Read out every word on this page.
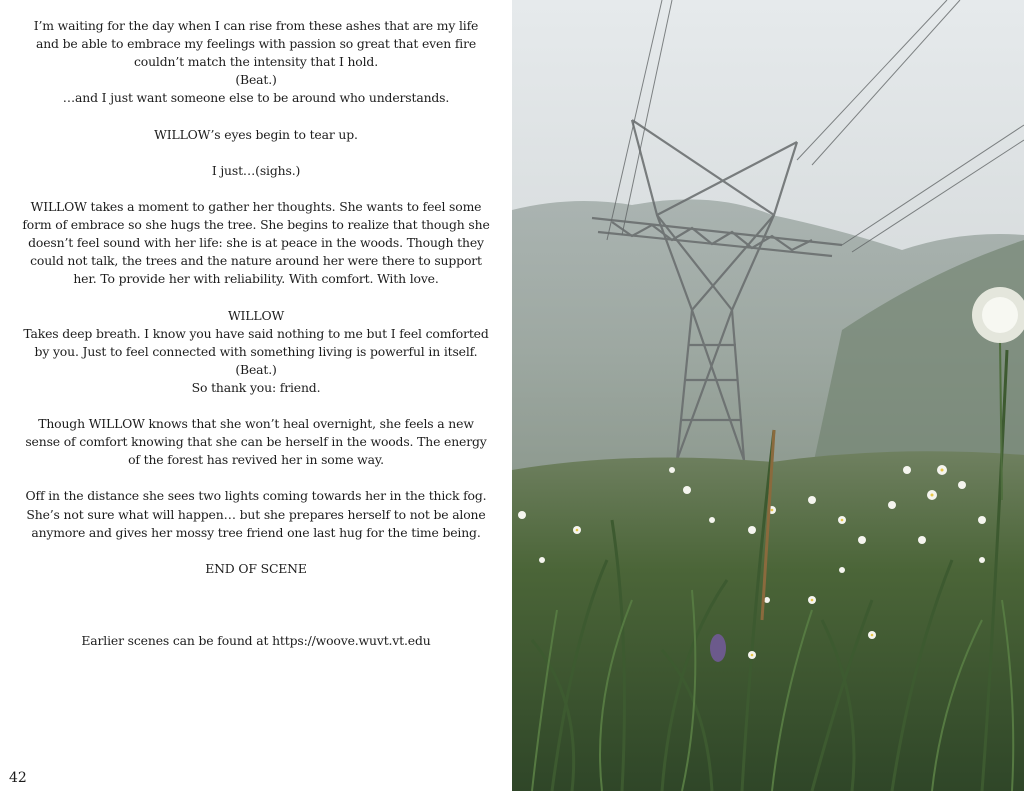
I’m waiting for the day when I can rise from these ashes that are my life

and be able to embrace my feelings with passion so great that even fire

couldn’t match the intensity that I hold.

(Beat.)

…and I just want someone else to be around who understands.

WILLOW’s eyes begin to tear up.

I just…(sighs.)

WILLOW takes a moment to gather her thoughts. She wants to feel some

form of embrace so she hugs the tree. She begins to realize that though she

doesn’t feel sound with her life: she is at peace in the woods. Though they

could not talk, the trees and the nature around her were there to support

her. To provide her with reliability. With comfort. With love.

WILLOW

Takes deep breath. I know you have said nothing to me but I feel comforted

by you. Just to feel connected with something living is powerful in itself.

(Beat.)

So thank you: friend.

Though WILLOW knows that she won’t heal overnight, she feels a new

sense of comfort knowing that she can be herself in the woods. The energy

of the forest has revived her in some way.

Off in the distance she sees two lights coming towards her in the thick fog.

She’s not sure what will happen… but she prepares herself to not be alone

anymore and gives her mossy tree friend one last hug for the time being.

END OF SCENE

Earlier scenes can be found at https://woove.wuvt.vt.edu

42
